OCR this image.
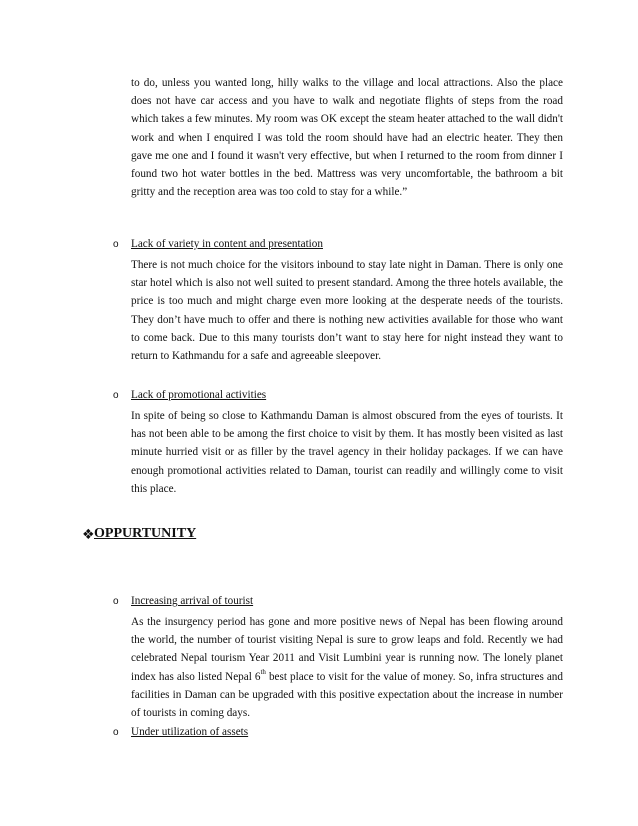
to do, unless you wanted long, hilly walks to the village and local attractions. Also the place does not have car access and you have to walk and negotiate flights of steps from the road which takes a few minutes. My room was OK except the steam heater attached to the wall didn't work and when I enquired I was told the room should have had an electric heater. They then gave me one and I found it wasn't very effective, but when I returned to the room from dinner I found two hot water bottles in the bed. Mattress was very uncomfortable, the bathroom a bit gritty and the reception area was too cold to stay for a while.”

o Lack of variety in content and presentation

There is not much choice for the visitors inbound to stay late night in Daman. There is only one star hotel which is also not well suited to present standard. Among the three hotels available, the price is too much and might charge even more looking at the desperate needs of the tourists. They don’t have much to offer and there is nothing new activities available for those who want to come back. Due to this many tourists don’t want to stay here for night instead they want to return to Kathmandu for a safe and agreeable sleepover.

o Lack of promotional activities

In spite of being so close to Kathmandu Daman is almost obscured from the eyes of tourists. It has not been able to be among the first choice to visit by them. It has mostly been visited as last minute hurried visit or as filler by the travel agency in their holiday packages. If we can have enough promotional activities related to Daman, tourist can readily and willingly come to visit this place.

❖ OPPURTUNITY
o Increasing arrival of tourist

As the insurgency period has gone and more positive news of Nepal has been flowing around the world, the number of tourist visiting Nepal is sure to grow leaps and fold. Recently we had celebrated Nepal tourism Year 2011 and Visit Lumbini year is running now. The lonely planet index has also listed Nepal 6th best place to visit for the value of money. So, infra structures and facilities in Daman can be upgraded with this positive expectation about the increase in number of tourists in coming days.

o Under utilization of assets
